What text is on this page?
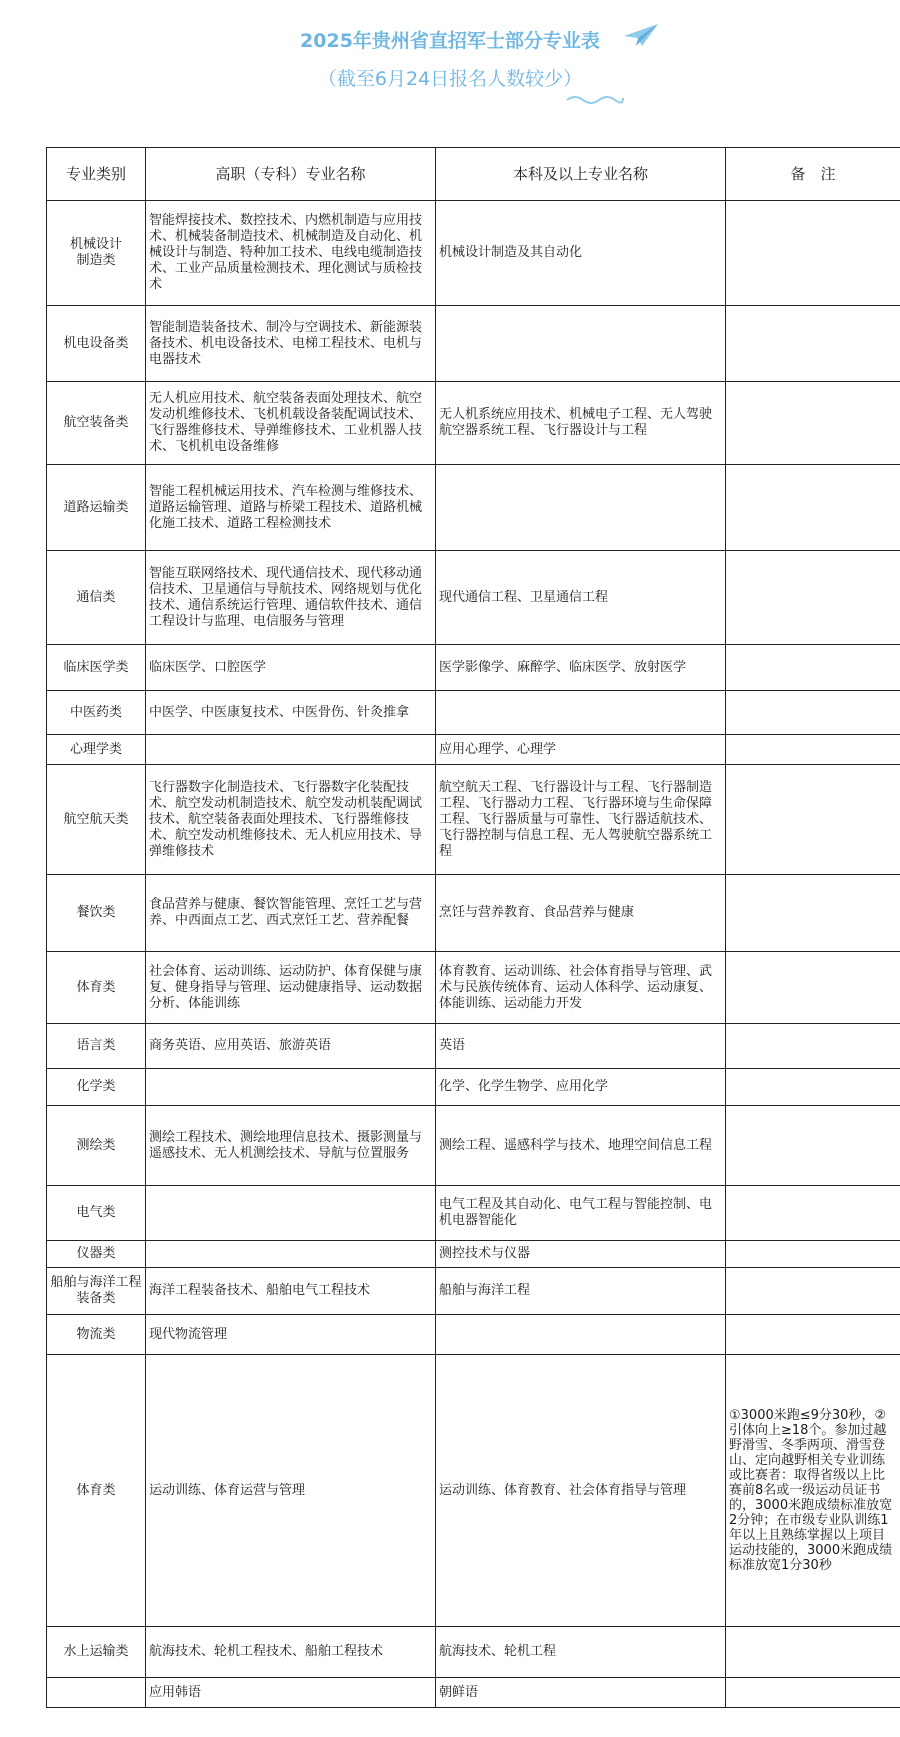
2025年贵州省直招军士部分专业表
（截至6月24日报名人数较少）
专业类别	高职（专科）专业名称	本科及以上专业名称	备　注
机械设计
制造类	智能焊接技术、数控技术、内燃机制造与应用技术、机械装备制造技术、机械制造及自动化、机械设计与制造、特种加工技术、电线电缆制造技术、工业产品质量检测技术、理化测试与质检技术	机械设计制造及其自动化	
机电设备类	智能制造装备技术、制冷与空调技术、新能源装备技术、机电设备技术、电梯工程技术、电机与电器技术		
航空装备类	无人机应用技术、航空装备表面处理技术、航空发动机维修技术、飞机机载设备装配调试技术、飞行器维修技术、导弹维修技术、工业机器人技术、飞机机电设备维修	无人机系统应用技术、机械电子工程、无人驾驶航空器系统工程、飞行器设计与工程	
道路运输类	智能工程机械运用技术、汽车检测与维修技术、道路运输管理、道路与桥梁工程技术、道路机械化施工技术、道路工程检测技术		
通信类	智能互联网络技术、现代通信技术、现代移动通信技术、卫星通信与导航技术、网络规划与优化技术、通信系统运行管理、通信软件技术、通信工程设计与监理、电信服务与管理	现代通信工程、卫星通信工程	
临床医学类	临床医学、口腔医学	医学影像学、麻醉学、临床医学、放射医学	
中医药类	中医学、中医康复技术、中医骨伤、针灸推拿		
心理学类		应用心理学、心理学	
航空航天类	飞行器数字化制造技术、飞行器数字化装配技术、航空发动机制造技术、航空发动机装配调试技术、航空装备表面处理技术、飞行器维修技术、航空发动机维修技术、无人机应用技术、导弹维修技术	航空航天工程、飞行器设计与工程、飞行器制造工程、飞行器动力工程、飞行器环境与生命保障工程、飞行器质量与可靠性、飞行器适航技术、飞行器控制与信息工程、无人驾驶航空器系统工程	
餐饮类	食品营养与健康、餐饮智能管理、烹饪工艺与营养、中西面点工艺、西式烹饪工艺、营养配餐	烹饪与营养教育、食品营养与健康	
体育类	社会体育、运动训练、运动防护、体育保健与康复、健身指导与管理、运动健康指导、运动数据分析、体能训练	体育教育、运动训练、社会体育指导与管理、武术与民族传统体育、运动人体科学、运动康复、体能训练、运动能力开发	
语言类	商务英语、应用英语、旅游英语	英语	
化学类		化学、化学生物学、应用化学	
测绘类	测绘工程技术、测绘地理信息技术、摄影测量与遥感技术、无人机测绘技术、导航与位置服务	测绘工程、遥感科学与技术、地理空间信息工程	
电气类		电气工程及其自动化、电气工程与智能控制、电机电器智能化	
仪器类		测控技术与仪器	
船舶与海洋工程装备类	海洋工程装备技术、船舶电气工程技术	船舶与海洋工程	
物流类	现代物流管理		
体育类	运动训练、体育运营与管理	运动训练、体育教育、社会体育指导与管理	①3000米跑≤9分30秒，②引体向上≥18个。参加过越野滑雪、冬季两项、滑雪登山、定向越野相关专业训练或比赛者：取得省级以上比赛前8名或一级运动员证书的，3000米跑成绩标准放宽2分钟；在市级专业队训练1年以上且熟练掌握以上项目运动技能的，3000米跑成绩标准放宽1分30秒
水上运输类	航海技术、轮机工程技术、船舶工程技术	航海技术、轮机工程	
	应用韩语	朝鲜语	
